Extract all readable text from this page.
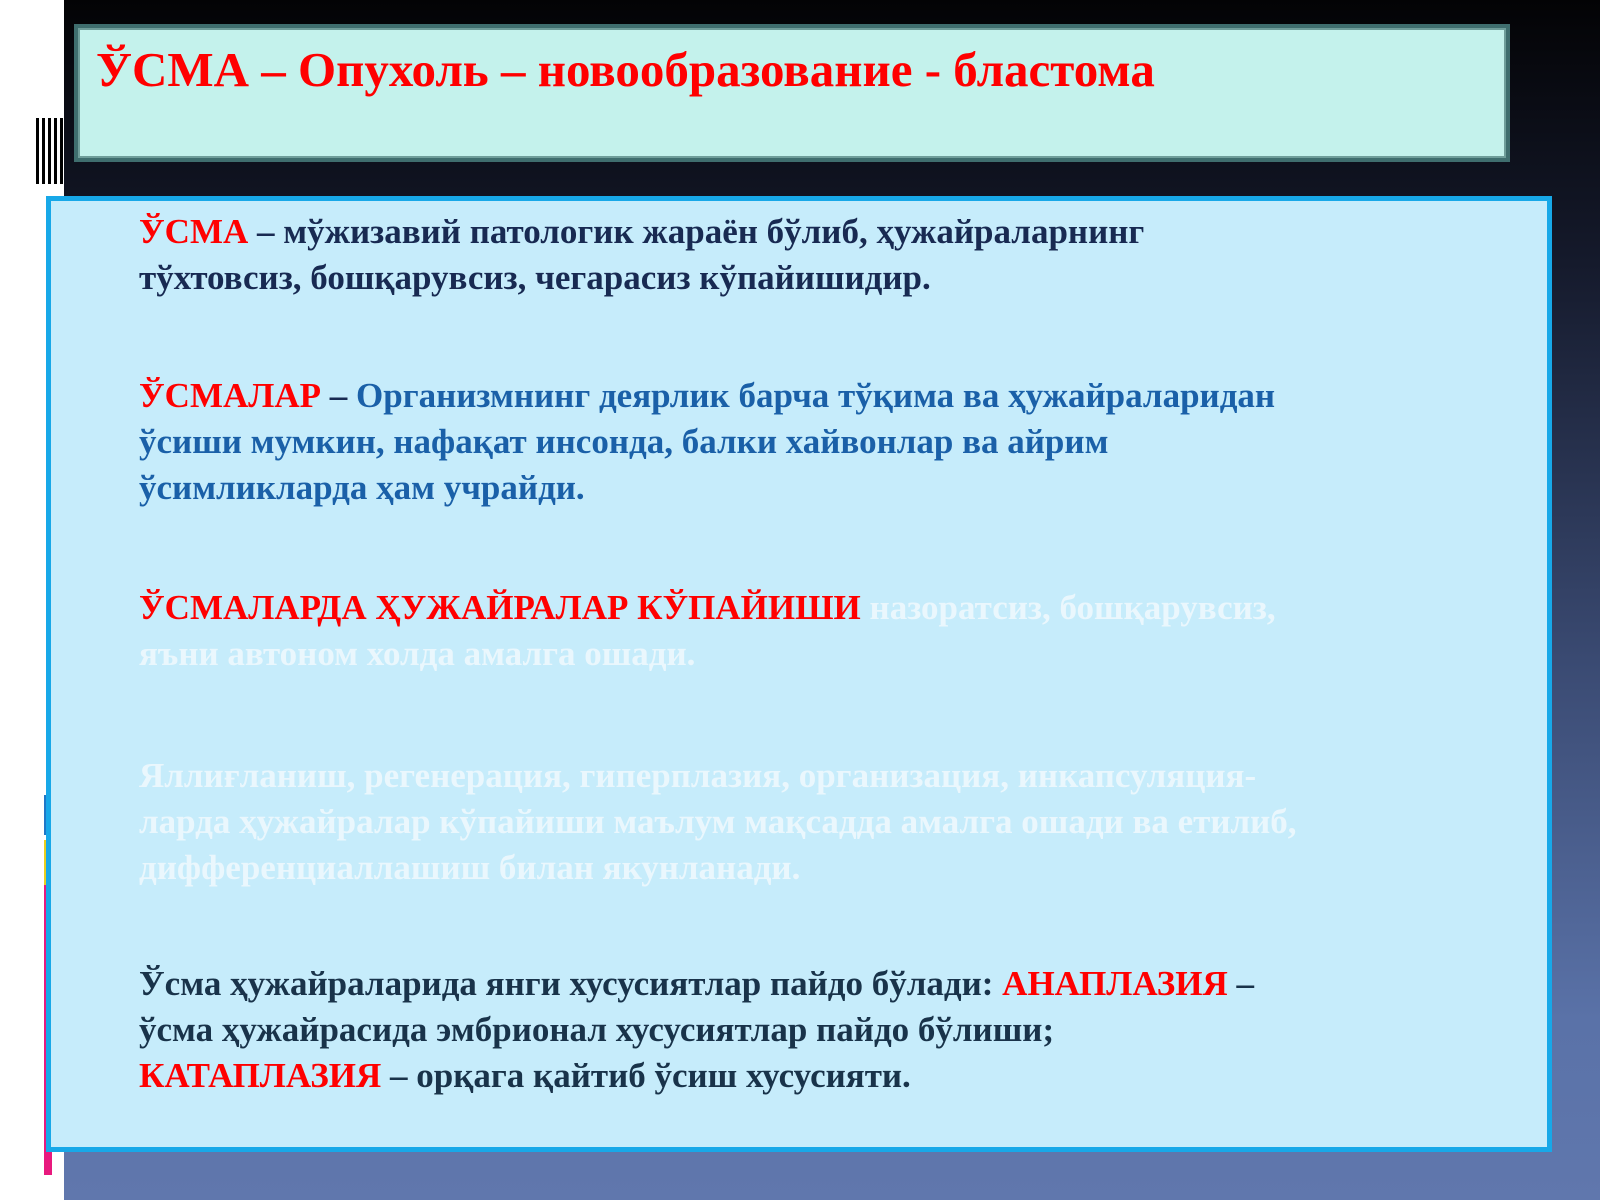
ЎСМА – Опухоль – новообразование - бластома

ЎСМА – мўжизавий патологик жараён бўлиб, ҳужайраларнинг
тўхтовсиз, бошқарувсиз, чегарасиз кўпайишидир.

ЎСМАЛАР – Организмнинг деярлик барча тўқима ва ҳужайраларидан
ўсиши мумкин, нафақат инсонда, балки хайвонлар ва айрим
ўсимликларда ҳам учрайди.

ЎСМАЛАРДА ҲУЖАЙРАЛАР КЎПАЙИШИ назоратсиз, бошқарувсиз,
яъни автоном холда амалга ошади.

Яллиғланиш, регенерация, гиперплазия, организация, инкапсуляция-
ларда ҳужайралар кўпайиши маълум мақсадда амалга ошади ва етилиб,
дифференциаллашиш билан якунланади.

Ўсма ҳужайраларида янги хусусиятлар пайдо бўлади: АНАПЛАЗИЯ –
ўсма ҳужайрасида эмбрионал хусусиятлар пайдо бўлиши;
КАТАПЛАЗИЯ – орқага қайтиб ўсиш хусусияти.
